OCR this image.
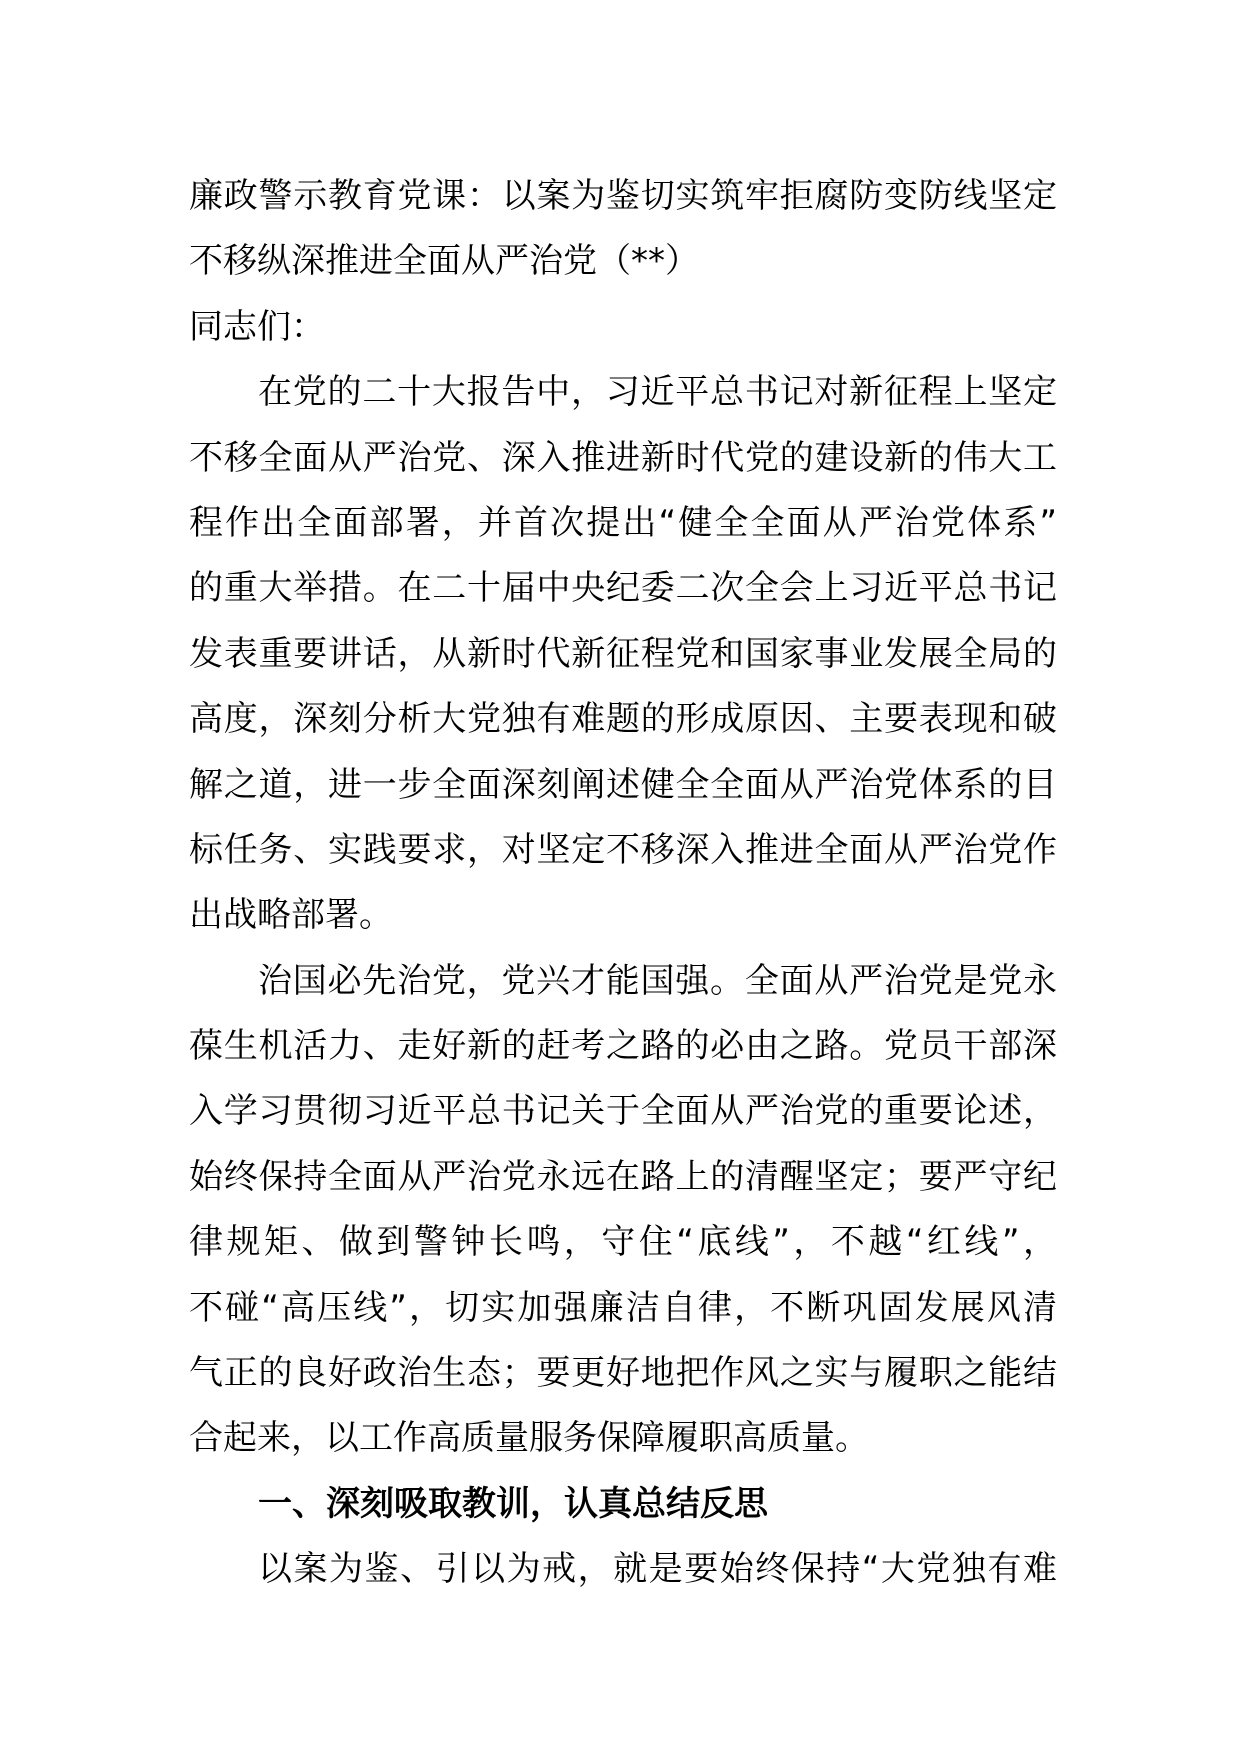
廉政警示教育党课：以案为鉴切实筑牢拒腐防变防线坚定
不移纵深推进全面从严治党（**）
同志们：
在党的二十大报告中，习近平总书记对新征程上坚定
不移全面从严治党、深入推进新时代党的建设新的伟大工
程作出全面部署，并首次提出“健全全面从严治党体系”
的重大举措。在二十届中央纪委二次全会上习近平总书记
发表重要讲话，从新时代新征程党和国家事业发展全局的
高度，深刻分析大党独有难题的形成原因、主要表现和破
解之道，进一步全面深刻阐述健全全面从严治党体系的目
标任务、实践要求，对坚定不移深入推进全面从严治党作
出战略部署。
治国必先治党，党兴才能国强。全面从严治党是党永
葆生机活力、走好新的赶考之路的必由之路。党员干部深
入学习贯彻习近平总书记关于全面从严治党的重要论述，
始终保持全面从严治党永远在路上的清醒坚定；要严守纪
律规矩、做到警钟长鸣，守住“底线”，不越“红线”，
不碰“高压线”，切实加强廉洁自律，不断巩固发展风清
气正的良好政治生态；要更好地把作风之实与履职之能结
合起来，以工作高质量服务保障履职高质量。
一、深刻吸取教训，认真总结反思
以案为鉴、引以为戒，就是要始终保持“大党独有难
